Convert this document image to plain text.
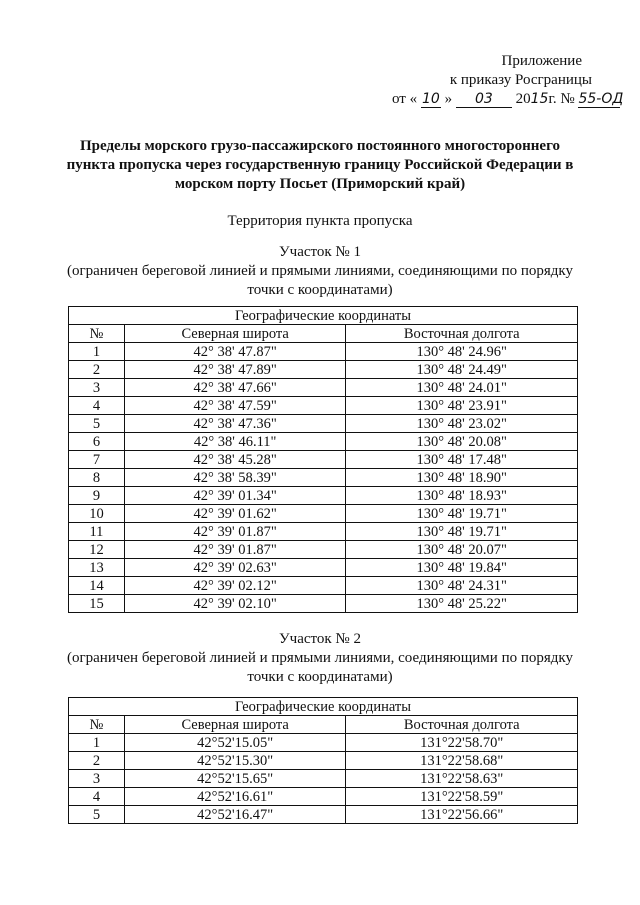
Приложение
к приказу Росграницы
от « 10 » 03 2015г. № 55-ОД
Пределы морского грузо-пассажирского постоянного многостороннего
пункта пропуска через государственную границу Российской Федерации в
морском порту Посьет (Приморский край)
Территория пункта пропуска
Участок № 1
(ограничен береговой линией и прямыми линиями, соединяющими по порядку
точки с координатами)
Географические координаты		
№	Северная широта	Восточная долгота
1	42° 38' 47.87"	130° 48' 24.96"
2	42° 38' 47.89"	130° 48' 24.49"
3	42° 38' 47.66"	130° 48' 24.01"
4	42° 38' 47.59"	130° 48' 23.91"
5	42° 38' 47.36"	130° 48' 23.02"
6	42° 38' 46.11"	130° 48' 20.08"
7	42° 38' 45.28"	130° 48' 17.48"
8	42° 38' 58.39"	130° 48' 18.90"
9	42° 39' 01.34"	130° 48' 18.93"
10	42° 39' 01.62"	130° 48' 19.71"
11	42° 39' 01.87"	130° 48' 19.71"
12	42° 39' 01.87"	130° 48' 20.07"
13	42° 39' 02.63"	130° 48' 19.84"
14	42° 39' 02.12"	130° 48' 24.31"
15	42° 39' 02.10"	130° 48' 25.22"
Участок № 2
(ограничен береговой линией и прямыми линиями, соединяющими по порядку
точки с координатами)
Географические координаты		
№	Северная широта	Восточная долгота
1	42°52'15.05"	131°22'58.70"
2	42°52'15.30"	131°22'58.68"
3	42°52'15.65"	131°22'58.63"
4	42°52'16.61"	131°22'58.59"
5	42°52'16.47"	131°22'56.66"
